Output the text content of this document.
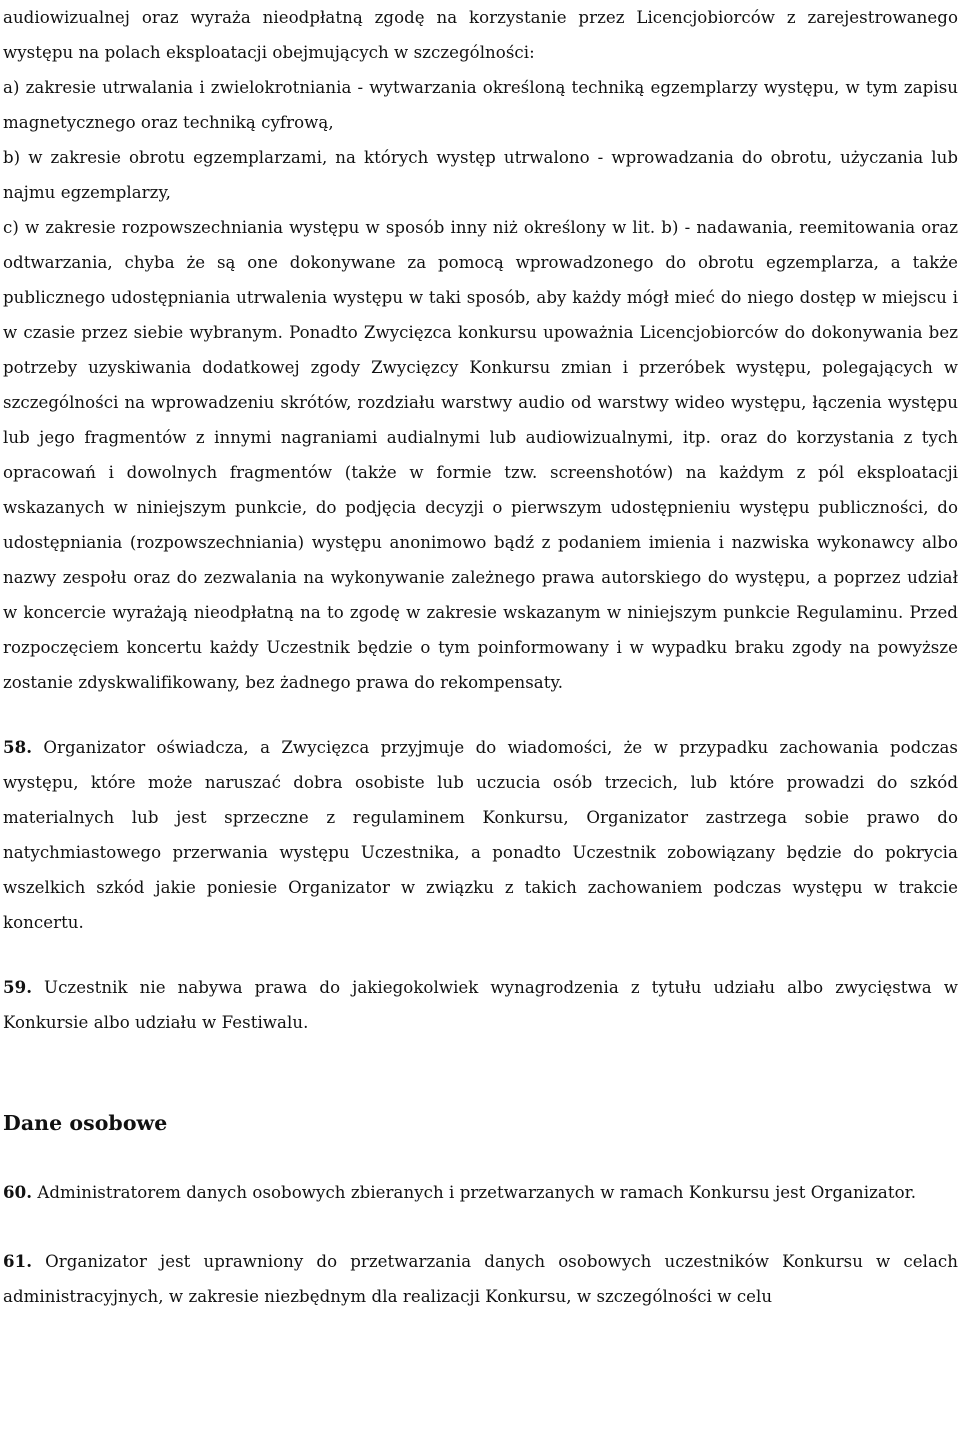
audiowizualnej oraz wyraża nieodpłatną zgodę na korzystanie przez Licencjobiorców z zarejestrowanego występu na polach eksploatacji obejmujących w szczególności:

a) zakresie utrwalania i zwielokrotniania - wytwarzania określoną techniką egzemplarzy występu, w tym zapisu magnetycznego oraz techniką cyfrową,

b) w zakresie obrotu egzemplarzami, na których występ utrwalono - wprowadzania do obrotu, użyczania lub najmu egzemplarzy,

c) w zakresie rozpowszechniania występu w sposób inny niż określony w lit. b) - nadawania, reemitowania oraz odtwarzania, chyba że są one dokonywane za pomocą wprowadzonego do obrotu egzemplarza, a także publicznego udostępniania utrwalenia występu w taki sposób, aby każdy mógł mieć do niego dostęp w miejscu i w czasie przez siebie wybranym. Ponadto Zwycięzca konkursu upoważnia Licencjobiorców do dokonywania bez potrzeby uzyskiwania dodatkowej zgody Zwycięzcy Konkursu zmian i przeróbek występu, polegających w szczególności na wprowadzeniu skrótów, rozdziału warstwy audio od warstwy wideo występu, łączenia występu lub jego fragmentów z innymi nagraniami audialnymi lub audiowizualnymi, itp. oraz do korzystania z tych opracowań i dowolnych fragmentów (także w formie tzw. screenshotów) na każdym z pól eksploatacji wskazanych w niniejszym punkcie, do podjęcia decyzji o pierwszym udostępnieniu występu publiczności, do udostępniania (rozpowszechniania) występu anonimowo bądź z podaniem imienia i nazwiska wykonawcy albo nazwy zespołu oraz do zezwalania na wykonywanie zależnego prawa autorskiego do występu, a poprzez udział w koncercie wyrażają nieodpłatną na to zgodę w zakresie wskazanym w niniejszym punkcie Regulaminu. Przed rozpoczęciem koncertu każdy Uczestnik będzie o tym poinformowany i w wypadku braku zgody na powyższe zostanie zdyskwalifikowany, bez żadnego prawa do rekompensaty.

58. Organizator oświadcza, a Zwycięzca przyjmuje do wiadomości, że w przypadku zachowania podczas występu, które może naruszać dobra osobiste lub uczucia osób trzecich, lub które prowadzi do szkód materialnych lub jest sprzeczne z regulaminem Konkursu, Organizator zastrzega sobie prawo do natychmiastowego przerwania występu Uczestnika, a ponadto Uczestnik zobowiązany będzie do pokrycia wszelkich szkód jakie poniesie Organizator w związku z takich zachowaniem podczas występu w trakcie koncertu.

59. Uczestnik nie nabywa prawa do jakiegokolwiek wynagrodzenia z tytułu udziału albo zwycięstwa w Konkursie albo udziału w Festiwalu.

Dane osobowe

60. Administratorem danych osobowych zbieranych i przetwarzanych w ramach Konkursu jest Organizator.

61. Organizator jest uprawniony do przetwarzania danych osobowych uczestników Konkursu w celach administracyjnych, w zakresie niezbędnym dla realizacji Konkursu, w szczególności w celu
